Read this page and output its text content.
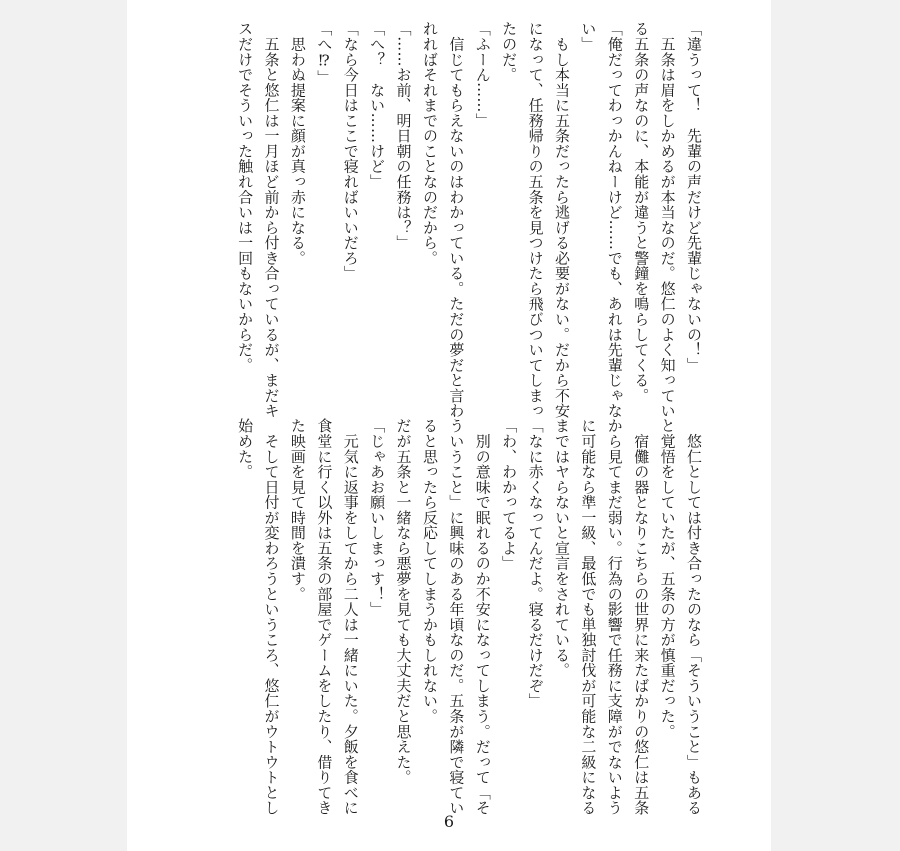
「違うって！　先輩の声だけど先輩じゃないの！」

　五条は眉をしかめるが本当なのだ。悠仁のよく知ってい

る五条の声なのに、本能が違うと警鐘を鳴らしてくる。

「俺だってわっかんねーけど……でも、あれは先輩じゃな

い」

　もし本当に五条だったら逃げる必要がない。だから不安

になって、任務帰りの五条を見つけたら飛びついてしまっ

たのだ。

「ふーん……」

　信じてもらえないのはわかっている。ただの夢だと言わ

れればそれまでのことなのだから。

「……お前、明日朝の任務は？」

「へ？　ない……けど」

「なら今日はここで寝ればいいだろ」

「へ⁉」

　思わぬ提案に顔が真っ赤になる。

　五条と悠仁は一月ほど前から付き合っているが、まだキ

スだけでそういった触れ合いは一回もないからだ。

　悠仁としては付き合ったのなら「そういうこと」もある

と覚悟をしていたが、五条の方が慎重だった。

　宿儺の器となりこちらの世界に来たばかりの悠仁は五条

から見てまだ弱い。行為の影響で任務に支障がでないよう

に可能なら準一級、最低でも単独討伐が可能な二級になる

まではヤらないと宣言をされている。

「なに赤くなってんだよ。寝るだけだぞ」

「わ、わかってるよ」

　別の意味で眠れるのか不安になってしまう。だって「そ

ういうこと」に興味のある年頃なのだ。五条が隣で寝てい

ると思ったら反応してしまうかもしれない。

だが五条と一緒なら悪夢を見ても大丈夫だと思えた。

「じゃあお願いしまっす！」

　元気に返事をしてから二人は一緒にいた。夕飯を食べに

食堂に行く以外は五条の部屋でゲームをしたり、借りてき

た映画を見て時間を潰す。

　そして日付が変わろうというころ、悠仁がウトウトとし

始めた。

6
